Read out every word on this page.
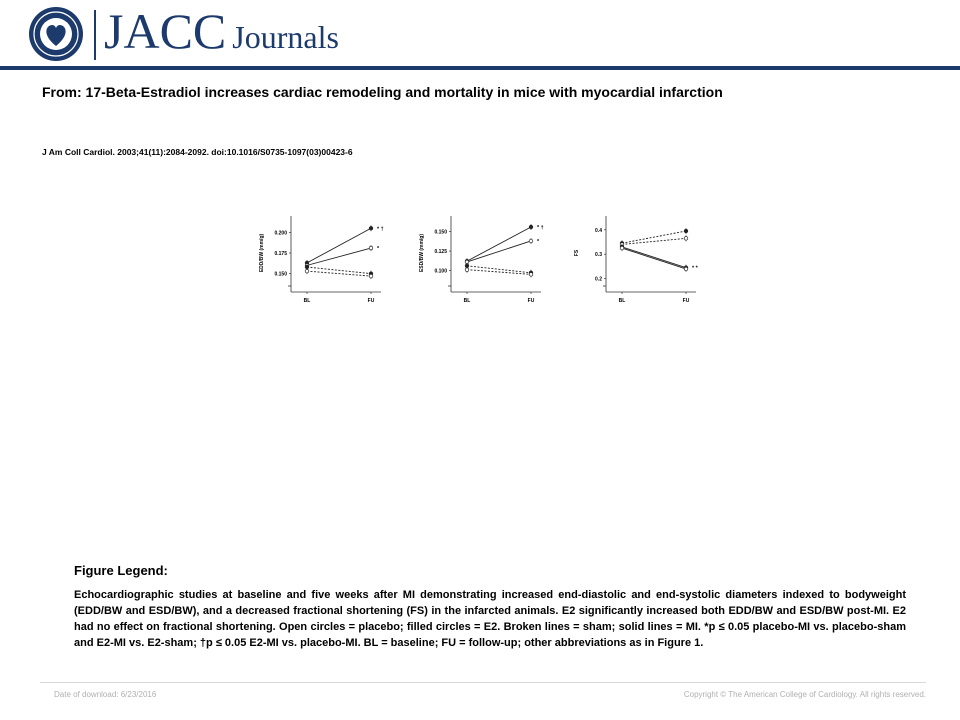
JACC Journals
From: 17-Beta-Estradiol increases cardiac remodeling and mortality in mice with myocardial infarction
J Am Coll Cardiol. 2003;41(11):2084-2092. doi:10.1016/S0735-1097(03)00423-6
EDD/BW (mm/g)
0.150
0.175
0.200
BL	FU
* †
*	ESD/BW (mm/g) 0.100
0.125
0.150
BL	FU
* †
*
FS
0.2
0.3
0.4
BL	FU
* *
Figure Legend:
Echocardiographic studies at baseline and five weeks after MI demonstrating increased end-diastolic and end-systolic diameters indexed to bodyweight (EDD/BW and ESD/BW), and a decreased fractional shortening (FS) in the infarcted animals. E2 significantly increased both EDD/BW and ESD/BW post-MI. E2 had no effect on fractional shortening. Open circles = placebo; filled circles = E2. Broken lines = sham; solid lines = MI. *p ≤ 0.05 placebo-MI vs. placebo-sham and E2-MI vs. E2-sham; †p ≤ 0.05 E2-MI vs. placebo-MI. BL = baseline; FU = follow-up; other abbreviations as in Figure 1.
Date of download: 6/23/2016	Copyright © The American College of Cardiology. All rights reserved.
